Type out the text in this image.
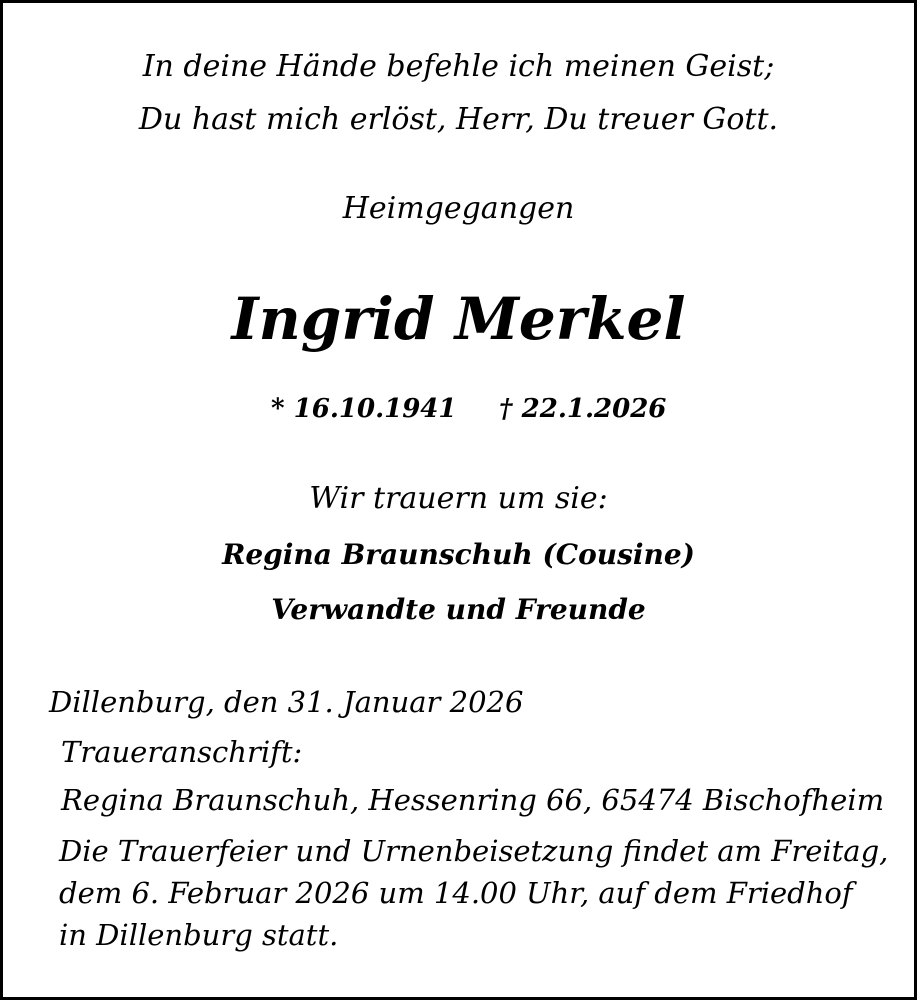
In deine Hände befehle ich meinen Geist;
Du hast mich erlöst, Herr, Du treuer Gott.
Heimgegangen
Ingrid Merkel
* 16.10.1941 † 22.1.2026
Wir trauern um sie:
Regina Braunschuh (Cousine)
Verwandte und Freunde
Dillenburg, den 31. Januar 2026
Traueranschrift:
Regina Braunschuh, Hessenring 66, 65474 Bischofheim
Die Trauerfeier und Urnenbeisetzung findet am Freitag,
dem 6. Februar 2026 um 14.00 Uhr, auf dem Friedhof
in Dillenburg statt.
